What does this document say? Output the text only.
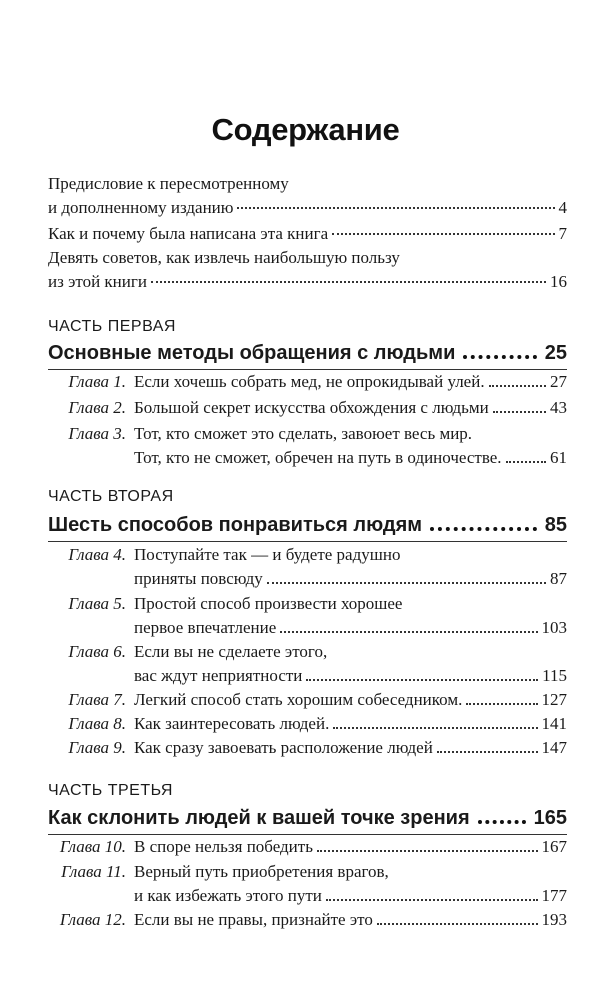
Содержание
Предисловие к пересмотренному
и дополненному изданию	4
Как и почему была написана эта книга	7
Девять советов, как извлечь наибольшую пользу
из этой книги	16
ЧАСТЬ ПЕРВАЯ
Основные методы обращения с людьми	25
Глава 1. Если хочешь собрать мед, не опрокидывай улей.	27
Глава 2. Большой секрет искусства обхождения с людьми	43
Глава 3. Тот, кто сможет это сделать, завоюет весь мир.
Тот, кто не сможет, обречен на путь в одиночестве.	61
ЧАСТЬ ВТОРАЯ
Шесть способов понравиться людям	85
Глава 4. Поступайте так — и будете радушно
приняты повсюду	87
Глава 5. Простой способ произвести хорошее
первое впечатление	103
Глава 6. Если вы не сделаете этого,
вас ждут неприятности	115
Глава 7. Легкий способ стать хорошим собеседником.	127
Глава 8. Как заинтересовать людей.	141
Глава 9. Как сразу завоевать расположение людей	147
ЧАСТЬ ТРЕТЬЯ
Как склонить людей к вашей точке зрения	165
Глава 10. В споре нельзя победить	167
Глава 11. Верный путь приобретения врагов,
и как избежать этого пути	177
Глава 12. Если вы не правы, признайте это	193
